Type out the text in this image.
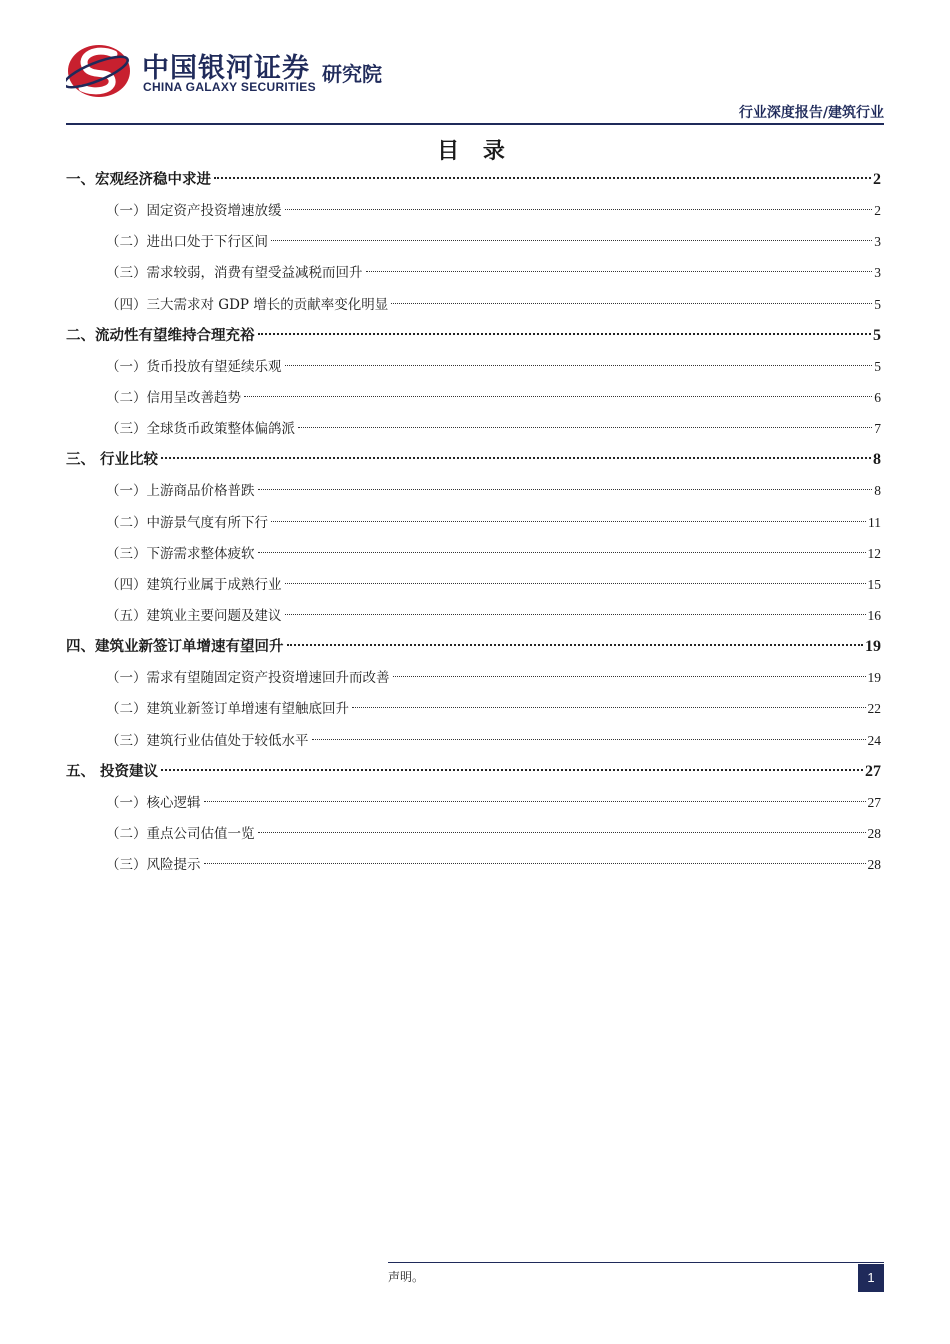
中国银河证券
CHINA GALAXY SECURITIES
研究院
行业深度报告/建筑行业
目 录
一、宏观经济稳中求进	2
（一）固定资产投资增速放缓	2
（二）进出口处于下行区间	3
（三）需求较弱，消费有望受益减税而回升	3
（四）三大需求对 GDP 增长的贡献率变化明显	5
二、流动性有望维持合理充裕	5
（一）货币投放有望延续乐观	5
（二）信用呈改善趋势	6
（三）全球货币政策整体偏鸽派	7
三、 行业比较	8
（一）上游商品价格普跌	8
（二）中游景气度有所下行	11
（三）下游需求整体疲软	12
（四）建筑行业属于成熟行业	15
（五）建筑业主要问题及建议	16
四、建筑业新签订单增速有望回升	19
（一）需求有望随固定资产投资增速回升而改善	19
（二）建筑业新签订单增速有望触底回升	22
（三）建筑行业估值处于较低水平	24
五、 投资建议	27
（一）核心逻辑	27
（二）重点公司估值一览	28
（三）风险提示	28
声明。	1
